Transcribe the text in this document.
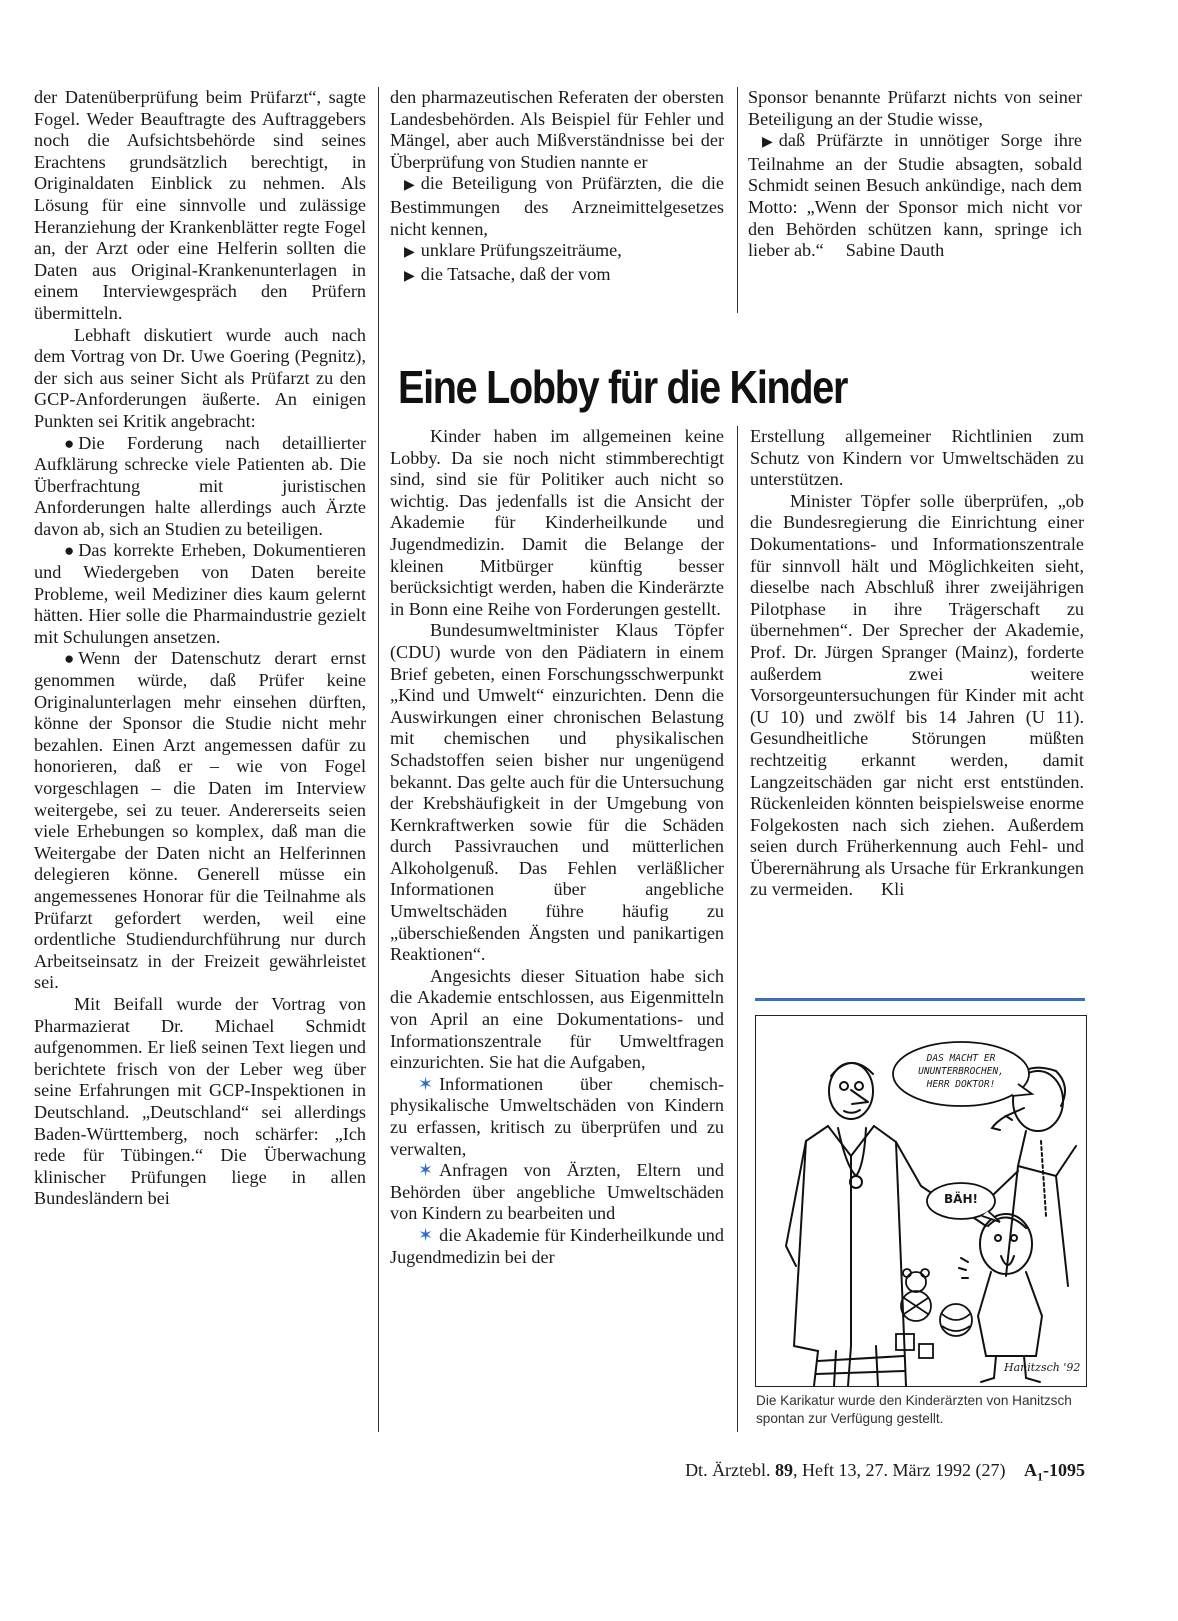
der Datenüberprüfung beim Prüfarzt“, sagte Fogel. Weder Beauftragte des Auftraggebers noch die Aufsichtsbehörde sind seines Erachtens grundsätzlich berechtigt, in Originaldaten Einblick zu nehmen. Als Lösung für eine sinnvolle und zulässige Heranziehung der Krankenblätter regte Fogel an, der Arzt oder eine Helferin sollten die Daten aus Original-Krankenunterlagen in einem Interviewgespräch den Prüfern übermitteln.

Lebhaft diskutiert wurde auch nach dem Vortrag von Dr. Uwe Goering (Pegnitz), der sich aus seiner Sicht als Prüfarzt zu den GCP-Anforderungen äußerte. An einigen Punkten sei Kritik angebracht:

● Die Forderung nach detaillierter Aufklärung schrecke viele Patienten ab. Die Überfrachtung mit juristischen Anforderungen halte allerdings auch Ärzte davon ab, sich an Studien zu beteiligen.

● Das korrekte Erheben, Dokumentieren und Wiedergeben von Daten bereite Probleme, weil Mediziner dies kaum gelernt hätten. Hier solle die Pharmaindustrie gezielt mit Schulungen ansetzen.

● Wenn der Datenschutz derart ernst genommen würde, daß Prüfer keine Originalunterlagen mehr einsehen dürften, könne der Sponsor die Studie nicht mehr bezahlen. Einen Arzt angemessen dafür zu honorieren, daß er – wie von Fogel vorgeschlagen – die Daten im Interview weitergebe, sei zu teuer. Andererseits seien viele Erhebungen so komplex, daß man die Weitergabe der Daten nicht an Helferinnen delegieren könne. Generell müsse ein angemessenes Honorar für die Teilnahme als Prüfarzt gefordert werden, weil eine ordentliche Studiendurchführung nur durch Arbeitseinsatz in der Freizeit gewährleistet sei.

Mit Beifall wurde der Vortrag von Pharmazierat Dr. Michael Schmidt aufgenommen. Er ließ seinen Text liegen und berichtete frisch von der Leber weg über seine Erfahrungen mit GCP-Inspektionen in Deutschland. „Deutschland“ sei allerdings Baden-Württemberg, noch schärfer: „Ich rede für Tübingen.“ Die Überwachung klinischer Prüfungen liege in allen Bundesländern bei

den pharmazeutischen Referaten der obersten Landesbehörden. Als Beispiel für Fehler und Mängel, aber auch Mißverständnisse bei der Überprüfung von Studien nannte er

▶ die Beteiligung von Prüfärzten, die die Bestimmungen des Arzneimittelgesetzes nicht kennen,

▶ unklare Prüfungszeiträume,

▶ die Tatsache, daß der vom

Sponsor benannte Prüfarzt nichts von seiner Beteiligung an der Studie wisse,

▶ daß Prüfärzte in unnötiger Sorge ihre Teilnahme an der Studie absagten, sobald Schmidt seinen Besuch ankündige, nach dem Motto: „Wenn der Sponsor mich nicht vor den Behörden schützen kann, springe ich lieber ab.“ Sabine Dauth

Eine Lobby für die Kinder

Kinder haben im allgemeinen keine Lobby. Da sie noch nicht stimmberechtigt sind, sind sie für Politiker auch nicht so wichtig. Das jedenfalls ist die Ansicht der Akademie für Kinderheilkunde und Jugendmedizin. Damit die Belange der kleinen Mitbürger künftig besser berücksichtigt werden, haben die Kinderärzte in Bonn eine Reihe von Forderungen gestellt.

Bundesumweltminister Klaus Töpfer (CDU) wurde von den Pädiatern in einem Brief gebeten, einen Forschungsschwerpunkt „Kind und Umwelt“ einzurichten. Denn die Auswirkungen einer chronischen Belastung mit chemischen und physikalischen Schadstoffen seien bisher nur ungenügend bekannt. Das gelte auch für die Untersuchung der Krebshäufigkeit in der Umgebung von Kernkraftwerken sowie für die Schäden durch Passivrauchen und mütterlichen Alkoholgenuß. Das Fehlen verläßlicher Informationen über angebliche Umweltschäden führe häufig zu „überschießenden Ängsten und panikartigen Reaktionen“.

Angesichts dieser Situation habe sich die Akademie entschlossen, aus Eigenmitteln von April an eine Dokumentations- und Informationszentrale für Umweltfragen einzurichten. Sie hat die Aufgaben,

✶ Informationen über chemisch-physikalische Umweltschäden von Kindern zu erfassen, kritisch zu überprüfen und zu verwalten,

✶ Anfragen von Ärzten, Eltern und Behörden über angebliche Umweltschäden von Kindern zu bearbeiten und

✶ die Akademie für Kinderheilkunde und Jugendmedizin bei der

Erstellung allgemeiner Richtlinien zum Schutz von Kindern vor Umweltschäden zu unterstützen.

Minister Töpfer solle überprüfen, „ob die Bundesregierung die Einrichtung einer Dokumentations- und Informationszentrale für sinnvoll hält und Möglichkeiten sieht, dieselbe nach Abschluß ihrer zweijährigen Pilotphase in ihre Trägerschaft zu übernehmen“. Der Sprecher der Akademie, Prof. Dr. Jürgen Spranger (Mainz), forderte außerdem zwei weitere Vorsorgeuntersuchungen für Kinder mit acht (U 10) und zwölf bis 14 Jahren (U 11). Gesundheitliche Störungen müßten rechtzeitig erkannt werden, damit Langzeitschäden gar nicht erst entstünden. Rückenleiden könnten beispielsweise enorme Folgekosten nach sich ziehen. Außerdem seien durch Früherkennung auch Fehl- und Überernährung als Ursache für Erkrankungen zu vermeiden. Kli

DAS MACHT ER UNUNTERBROCHEN, HERR DOKTOR!
BÄH!
Hanitzsch '92
Die Karikatur wurde den Kinderärzten von Hanitzsch spontan zur Verfügung gestellt.
Dt. Ärztebl. 89, Heft 13, 27. März 1992 (27) $A_1-1095$
